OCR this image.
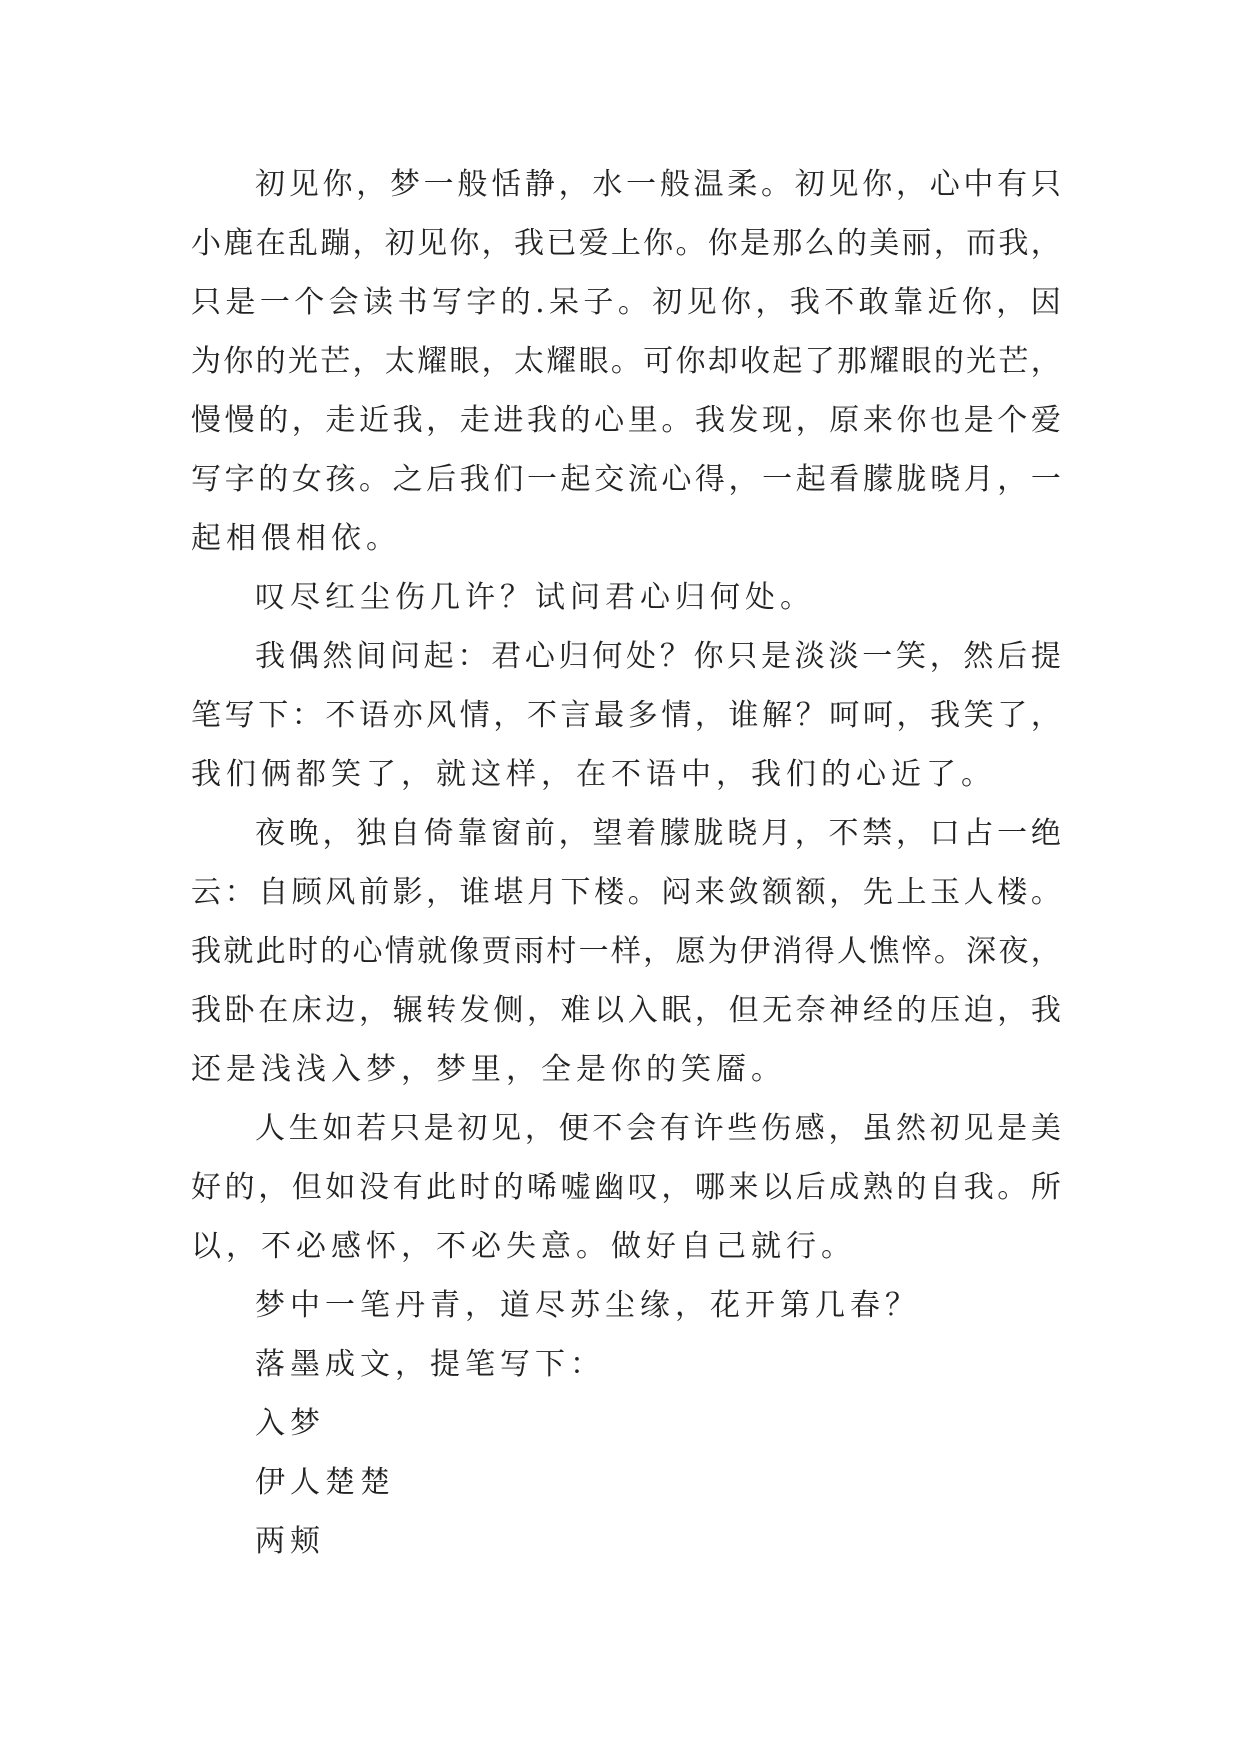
初 见 你 ， 梦 一 般 恬 静 ， 水 一 般 温 柔 。 初 见 你 ， 心 中 有 只
小 鹿 在 乱 蹦 ， 初 见 你 ， 我 已 爱 上 你 。 你 是 那 么 的 美 丽 ， 而 我 ，
只 是 一 个 会 读 书 写 字 的 . 呆 子 。 初 见 你 ， 我 不 敢 靠 近 你 ， 因
为 你 的 光 芒 ， 太 耀 眼 ， 太 耀 眼 。 可 你 却 收 起 了 那 耀 眼 的 光 芒 ，
慢 慢 的 ， 走 近 我 ， 走 进 我 的 心 里 。 我 发 现 ， 原 来 你 也 是 个 爱
写 字 的 女 孩 。 之 后 我 们 一 起 交 流 心 得 ， 一 起 看 朦 胧 晓 月 ， 一
起相偎相依。
叹尽红尘伤几许？试问君心归何处。
我 偶 然 间 问 起 ： 君 心 归 何 处 ？ 你 只 是 淡 淡 一 笑 ， 然 后 提
笔 写 下 ： 不 语 亦 风 情 ， 不 言 最 多 情 ， 谁 解 ？ 呵 呵 ， 我 笑 了 ，
我们俩都笑了，就这样，在不语中，我们的心近了。
夜 晚 ， 独 自 倚 靠 窗 前 ， 望 着 朦 胧 晓 月 ， 不 禁 ， 口 占 一 绝
云 ： 自 顾 风 前 影 ， 谁 堪 月 下 楼 。 闷 来 敛 额 额 ， 先 上 玉 人 楼 。
我 就 此 时 的 心 情 就 像 贾 雨 村 一 样 ， 愿 为 伊 消 得 人 憔 悴 。 深 夜 ，
我 卧 在 床 边 ， 辗 转 发 侧 ， 难 以 入 眠 ， 但 无 奈 神 经 的 压 迫 ， 我
还是浅浅入梦，梦里，全是你的笑靥。
人 生 如 若 只 是 初 见 ， 便 不 会 有 许 些 伤 感 ， 虽 然 初 见 是 美
好 的 ， 但 如 没 有 此 时 的 唏 嘘 幽 叹 ， 哪 来 以 后 成 熟 的 自 我 。 所
以，不必感怀，不必失意。做好自己就行。
梦中一笔丹青，道尽苏尘缘，花开第几春？
落墨成文，提笔写下：
入梦
伊人楚楚
两颊
